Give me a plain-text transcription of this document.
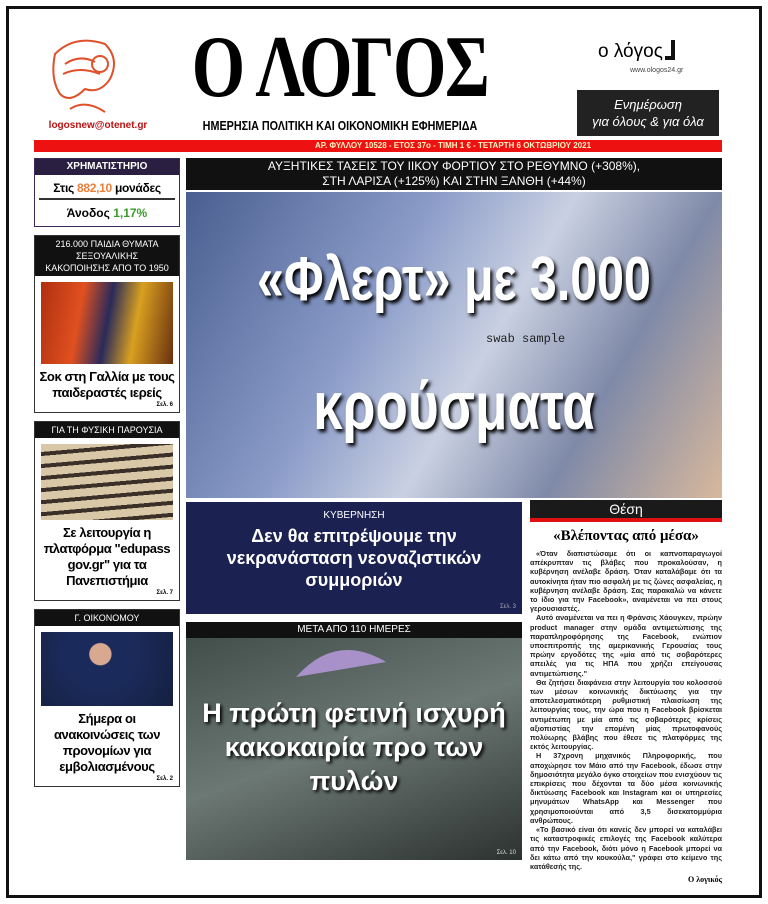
logosnew@otenet.gr
Ο ΛΟΓΟΣ
ΗΜΕΡΗΣΙΑ ΠΟΛΙΤΙΚΗ ΚΑΙ ΟΙΚΟΝΟΜΙΚΗ ΕΦΗΜΕΡΙΔΑ
ο λόγος
www.ologos24.gr
Ενημέρωση
για όλους & για όλα
ΑΡ. ΦΥΛΛΟΥ 10528 - ΕΤΟΣ 37ο - ΤΙΜΗ 1 € - ΤΕΤΑΡΤΗ 6 ΟΚΤΩΒΡΙΟΥ 2021
ΧΡΗΜΑΤΙΣΤΗΡΙΟ
Στις 882,10 μονάδες
Άνοδος 1,17%
216.000 ΠΑΙΔΙΑ ΘΥΜΑΤΑ ΣΕΞΟΥΑΛΙΚΗΣ ΚΑΚΟΠΟΙΗΣΗΣ ΑΠΟ ΤΟ 1950
Σοκ στη Γαλλία με τους παιδεραστές ιερείς
Σελ. 6
ΓΙΑ ΤΗ ΦΥΣΙΚΗ ΠΑΡΟΥΣΙΑ
Σε λειτουργία η πλατφόρμα "edupass gov.gr" για τα Πανεπιστήμια
Σελ. 7
Γ. ΟΙΚΟΝΟΜΟΥ
Σήμερα οι ανακοινώσεις των προνομίων για εμβολιασμένους
Σελ. 2
ΑΥΞΗΤΙΚΕΣ ΤΑΣΕΙΣ ΤΟΥ ΙΙΚΟΥ ΦΟΡΤΙΟΥ ΣΤΟ ΡΕΘΥΜΝΟ (+308%),
ΣΤΗ ΛΑΡΙΣΑ (+125%) ΚΑΙ ΣΤΗΝ ΞΑΝΘΗ (+44%)
swab sample
«Φλερτ» με 3.000
κρούσματα
ΚΥΒΕΡΝΗΣΗ
Δεν θα επιτρέψουμε την νεκρανάσταση νεοναζιστικών συμμοριών
Σελ. 3
ΜΕΤΑ ΑΠΟ 110 ΗΜΕΡΕΣ
Η πρώτη φετινή ισχυρή κακοκαιρία προ των πυλών
Σελ. 10
Θέση
«Βλέποντας από μέσα»

«Όταν διαπιστώσαμε ότι οι καπνοπαραγωγοί απέκρυπταν τις βλάβες που προκαλούσαν, η κυβέρνηση ανέλαβε δράση. Όταν καταλάβαμε ότι τα αυτοκίνητα ήταν πιο ασφαλή με τις ζώνες ασφαλείας, η κυβέρνηση ανέλαβε δράση. Σας παρακαλώ να κάνετε το ίδιο για την Facebook», αναμένεται να πει στους γερουσιαστές.

Αυτό αναμένεται να πει η Φράνσις Χάουγκεν, πρώην product manager στην ομάδα αντιμετώπισης της παραπληροφόρησης της Facebook, ενώπιον υποεπιτροπής της αμερικανικής Γερουσίας τους πρώην εργοδότες της «μία από τις σοβαρότερες απειλές για τις ΗΠΑ που χρήζει επείγουσας αντιμετώπισης."

Θα ζητήσει διαφάνεια στην λειτουργία του κολοσσού των μέσων κοινωνικής δικτύωσης για την αποτελεσματικότερη ρυθμιστική πλαισίωση της λειτουργίας τους, την ώρα που η Facebook βρίσκεται αντιμέτωπη με μία από τις σοβαρότερες κρίσεις αξιοπιστίας την επομένη μίας πρωτοφανούς πολύωρης βλάβης που έθεσε τις πλατφόρμες της εκτός λειτουργίας.

Η 37χρονη μηχανικός Πληροφορικής, που αποχώρησε τον Μάιο από την Facebook, έδωσε στην δημοσιότητα μεγάλο όγκο στοιχείων που ενισχύουν τις επικρίσεις που δέχονται τα δύο μέσα κοινωνικής δικτύωσης Facebook και Instagram και οι υπηρεσίες μηνυμάτων WhatsApp και Messenger που χρησιμοποιούνται από 3,5 δισεκατομμύρια ανθρώπους.

«Το βασικό είναι ότι κανείς δεν μπορεί να καταλάβει τις καταστροφικές επιλογές της Facebook καλύτερα από την Facebook, διότι μόνο η Facebook μπορεί να δει κάτω από την κουκούλα," γράφει στο κείμενο της κατάθεσής της.

Ο λογικός
